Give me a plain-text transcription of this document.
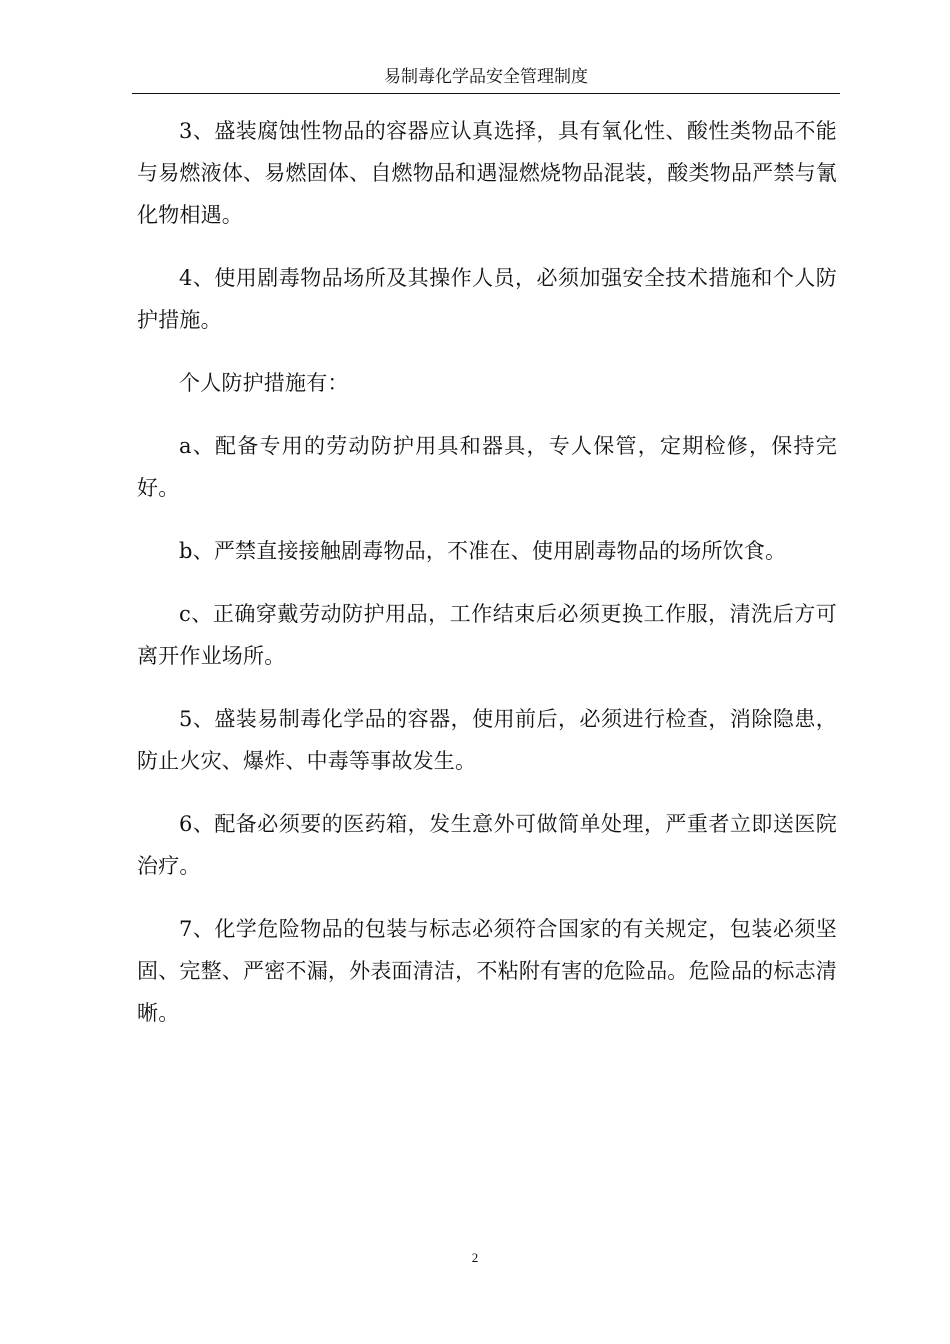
易制毒化学品安全管理制度

3、盛装腐蚀性物品的容器应认真选择，具有氧化性、酸性类物品不能与易燃液体、易燃固体、自燃物品和遇湿燃烧物品混装，酸类物品严禁与氰化物相遇。

4、使用剧毒物品场所及其操作人员，必须加强安全技术措施和个人防护措施。

个人防护措施有：

a、配备专用的劳动防护用具和器具，专人保管，定期检修，保持完好。

b、严禁直接接触剧毒物品，不准在、使用剧毒物品的场所饮食。

c、正确穿戴劳动防护用品，工作结束后必须更换工作服，清洗后方可离开作业场所。

5、盛装易制毒化学品的容器，使用前后，必须进行检查，消除隐患，防止火灾、爆炸、中毒等事故发生。

6、配备必须要的医药箱，发生意外可做简单处理，严重者立即送医院治疗。

7、化学危险物品的包装与标志必须符合国家的有关规定，包装必须坚固、完整、严密不漏，外表面清洁，不粘附有害的危险品。危险品的标志清晰。

2
